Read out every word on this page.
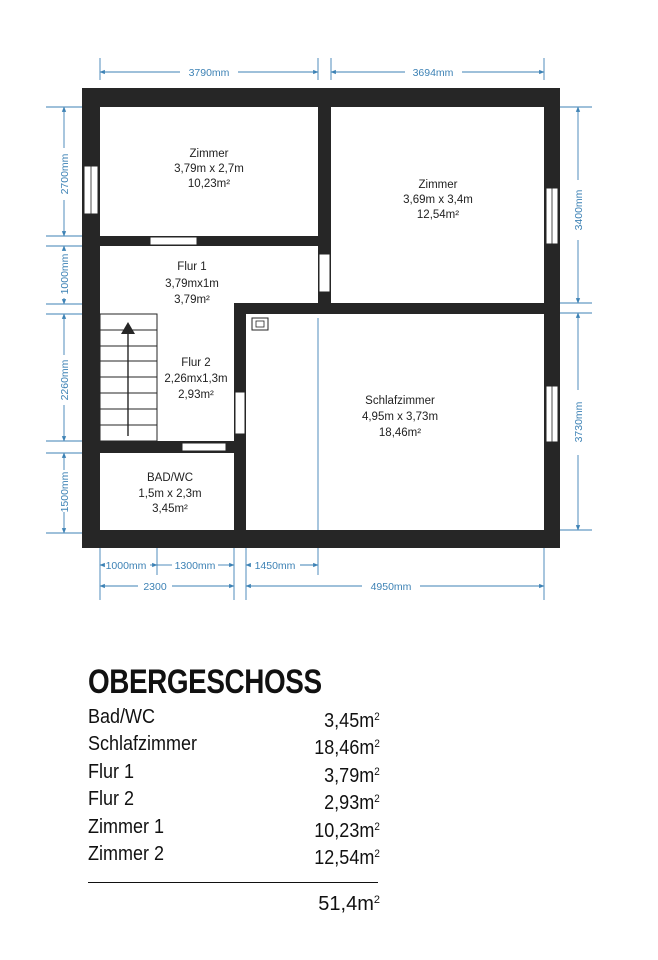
3790mm	3694mm
2700mm
1000mm
2260mm
1500mm
3400mm
3730mm
1000mm	1300mm	1450mm
2300	4950mm
Zimmer
3,79m x 2,7m
10,23m²	Zimmer
3,69m x 3,4m
12,54m²
Flur 1
3,79mx1m
3,79m²
Flur 2
2,26mx1,3m
2,93m²	Schlafzimmer
4,95m x 3,73m
18,46m²
BAD/WC
1,5m x 2,3m
3,45m²
OBERGESCHOSS
Bad/WC	$3,45m^2$
Schlafzimmer	$18,46m^2$
Flur 1	$3,79m^2$
Flur 2	$2,93m^2$
Zimmer 1	$10,23m^2$
Zimmer 2	$12,54m^2$
$51,4m^2$
